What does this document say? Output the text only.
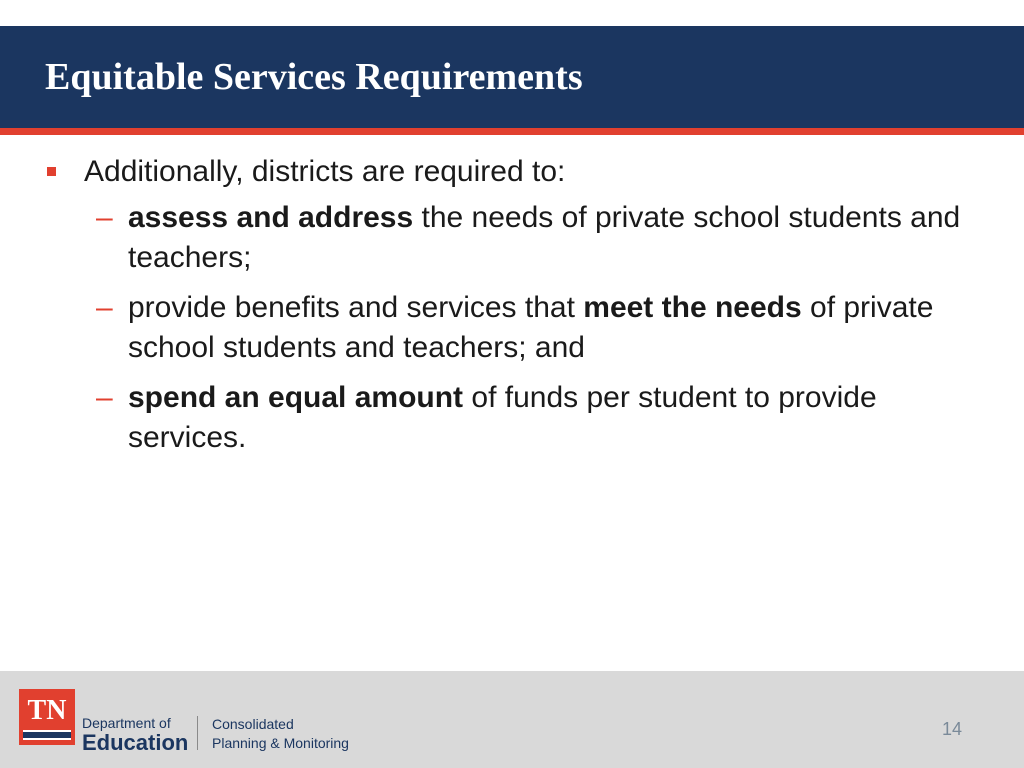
Equitable Services Requirements
Additionally, districts are required to:
– assess and address the needs of private school students and teachers;
– provide benefits and services that meet the needs of private school students and teachers; and
– spend an equal amount of funds per student to provide services.
TN	Department of
Education
Consolidated
Planning & Monitoring
14
